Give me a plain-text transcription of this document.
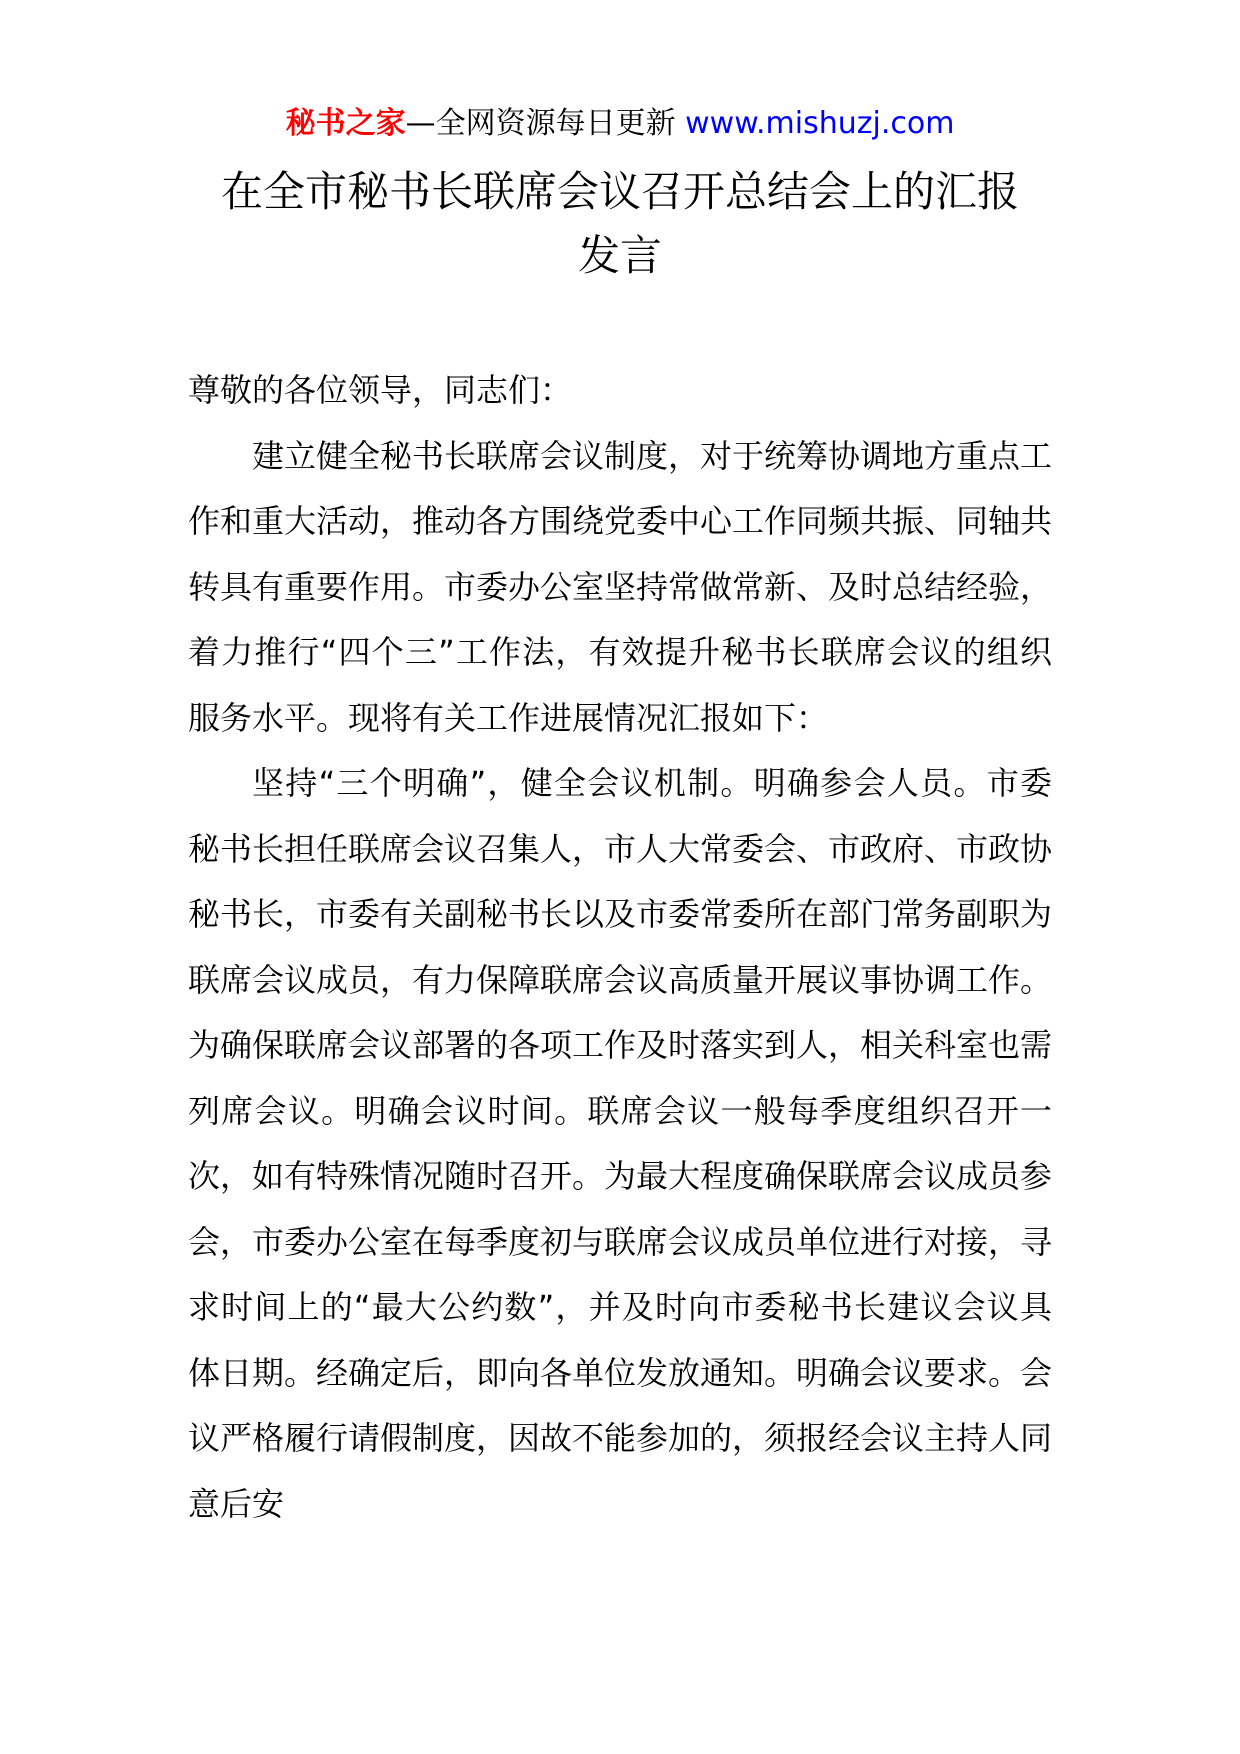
秘书之家—全网资源每日更新 www.mishuzj.com
在全市秘书长联席会议召开总结会上的汇报
发言

尊敬的各位领导，同志们：

建立健全秘书长联席会议制度，对于统筹协调地方重点工作和重大活动，推动各方围绕党委中心工作同频共振、同轴共转具有重要作用。市委办公室坚持常做常新、及时总结经验，着力推行“四个三”工作法，有效提升秘书长联席会议的组织服务水平。现将有关工作进展情况汇报如下：

坚持“三个明确”，健全会议机制。明确参会人员。市委秘书长担任联席会议召集人，市人大常委会、市政府、市政协秘书长，市委有关副秘书长以及市委常委所在部门常务副职为联席会议成员，有力保障联席会议高质量开展议事协调工作。为确保联席会议部署的各项工作及时落实到人，相关科室也需列席会议。明确会议时间。联席会议一般每季度组织召开一次，如有特殊情况随时召开。为最大程度确保联席会议成员参会，市委办公室在每季度初与联席会议成员单位进行对接，寻求时间上的“最大公约数”，并及时向市委秘书长建议会议具体日期。经确定后，即向各单位发放通知。明确会议要求。会议严格履行请假制度，因故不能参加的，须报经会议主持人同意后安
